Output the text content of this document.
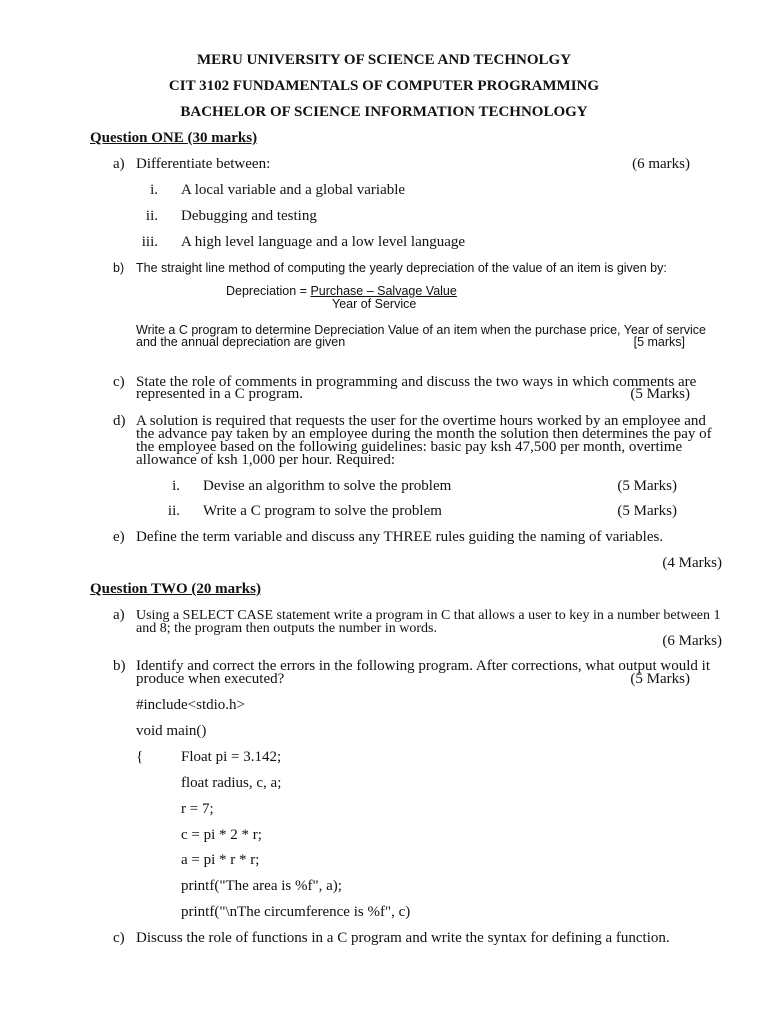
MERU UNIVERSITY OF SCIENCE AND TECHNOLGY
CIT 3102 FUNDAMENTALS OF COMPUTER PROGRAMMING
BACHELOR OF SCIENCE INFORMATION TECHNOLOGY
Question ONE (30 marks)
a) Differentiate between:	(6 marks)
i. A local variable and a global variable
ii. Debugging and testing
iii. A high level language and a low level language
b) The straight line method of computing the yearly depreciation of the value of an item is given by:
Depreciation = Purchase – Salvage Value
Year of Service
Write a C program to determine Depreciation Value of an item when the purchase price, Year of service
and the annual depreciation are given	[5 marks]
c) State the role of comments in programming and discuss the two ways in which comments are
represented in a C program.	(5 Marks)
d) A solution is required that requests the user for the overtime hours worked by an employee and
the advance pay taken by an employee during the month the solution then determines the pay of
the employee based on the following guidelines: basic pay ksh 47,500 per month, overtime
allowance of ksh 1,000 per hour. Required:
i. Devise an algorithm to solve the problem	(5 Marks)
ii. Write a C program to solve the problem	(5 Marks)
e) Define the term variable and discuss any THREE rules guiding the naming of variables.
(4 Marks)
Question TWO (20 marks)
a) Using a SELECT CASE statement write a program in C that allows a user to key in a number between 1
and 8; the program then outputs the number in words.
(6 Marks)
b) Identify and correct the errors in the following program. After corrections, what output would it
produce when executed?	(5 Marks)
#include<stdio.h>
void main()
{	Float pi = 3.142;
float radius, c, a;
r = 7;
c = pi * 2 * r;
a = pi * r * r;
printf("The area is %f", a);
printf("\nThe circumference is %f", c)
c) Discuss the role of functions in a C program and write the syntax for defining a function.
